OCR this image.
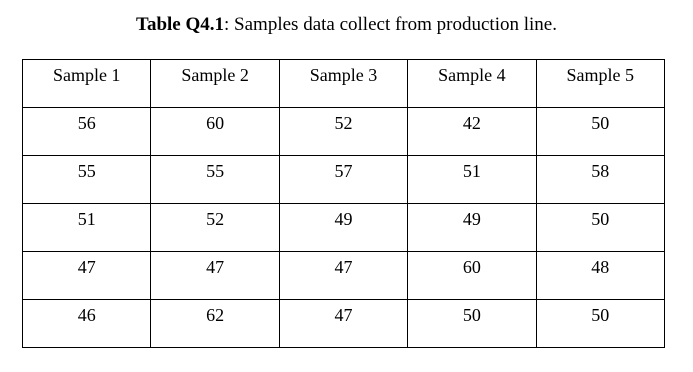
Table Q4.1: Samples data collect from production line.
Sample 1	Sample 2	Sample 3	Sample 4	Sample 5

56	60	52	42	50

55	55	57	51	58

51	52	49	49	50

47	47	47	60	48

46	62	47	50	50
